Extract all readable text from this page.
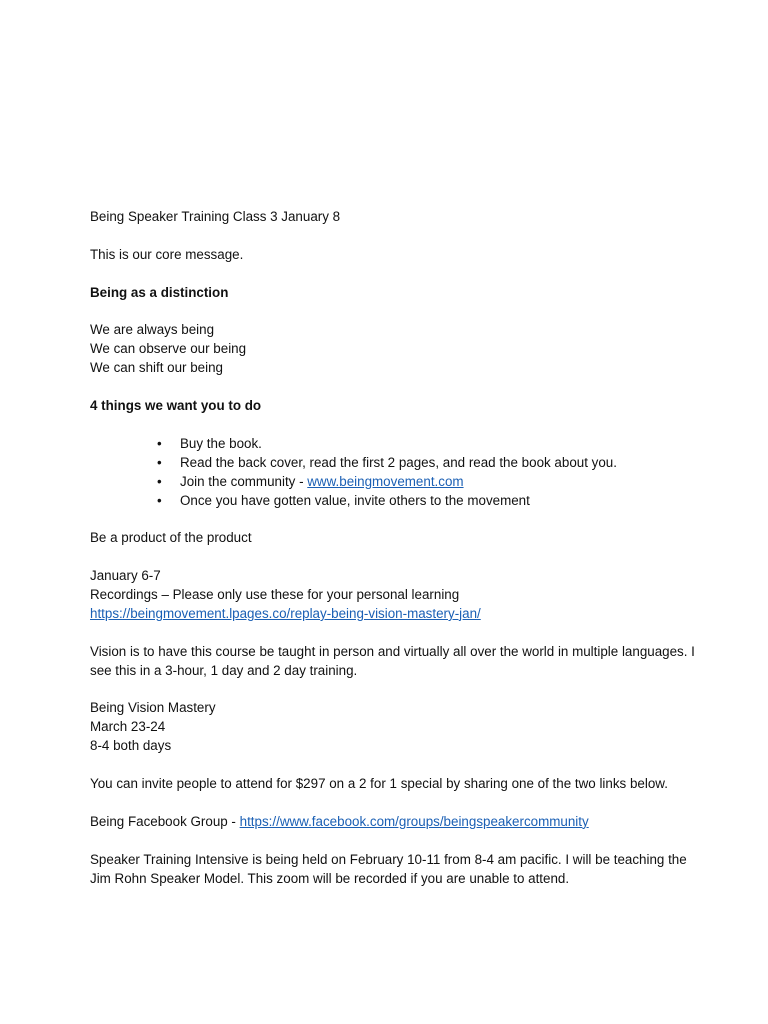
Being Speaker Training Class 3 January 8

This is our core message.

Being as a distinction

We are always being
We can observe our being
We can shift our being

4 things we want you to do

• Buy the book.
• Read the back cover, read the first 2 pages, and read the book about you.
• Join the community - www.beingmovement.com
• Once you have gotten value, invite others to the movement

Be a product of the product

January 6-7
Recordings – Please only use these for your personal learning
https://beingmovement.lpages.co/replay-being-vision-mastery-jan/

Vision is to have this course be taught in person and virtually all over the world in multiple languages. I see this in a 3-hour, 1 day and 2 day training.

Being Vision Mastery
March 23-24
8-4 both days

You can invite people to attend for $297 on a 2 for 1 special by sharing one of the two links below.

Being Facebook Group - https://www.facebook.com/groups/beingspeakercommunity

Speaker Training Intensive is being held on February 10-11 from 8-4 am pacific. I will be teaching the Jim Rohn Speaker Model. This zoom will be recorded if you are unable to attend.
